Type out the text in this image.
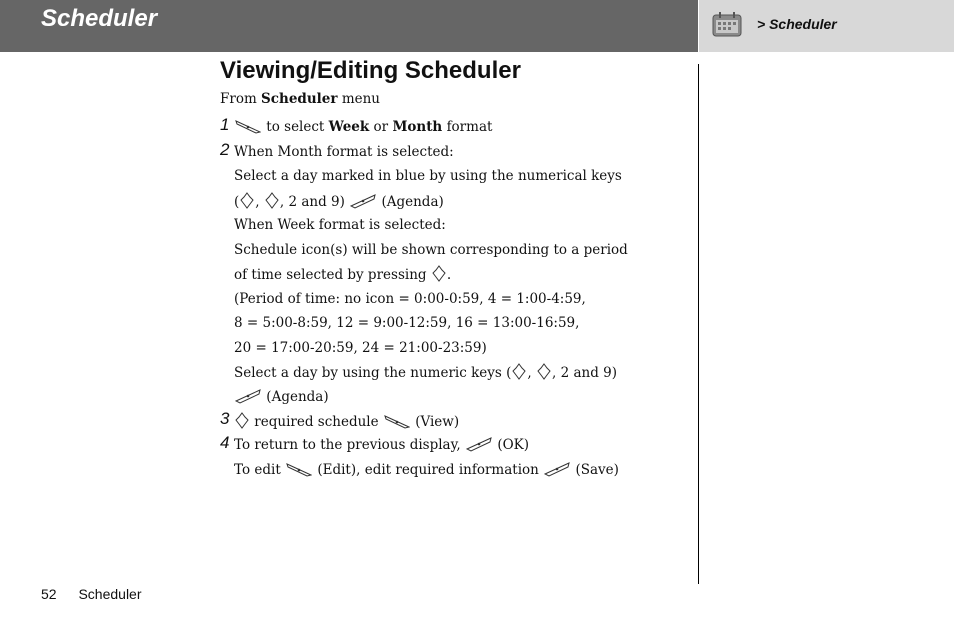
Scheduler	> Scheduler
Viewing/Editing Scheduler
From Scheduler menu
1	to select Week or Month format
2 When Month format is selected:
Select a day marked in blue by using the numerical keys
( , , 2 and 9)	(Agenda)
When Week format is selected:
Schedule icon(s) will be shown corresponding to a period
of time selected by pressing .
(Period of time: no icon = 0:00-0:59, 4 = 1:00-4:59,
8 = 5:00-8:59, 12 = 9:00-12:59, 16 = 13:00-16:59,
20 = 17:00-20:59, 24 = 21:00-23:59)
Select a day by using the numeric keys ( , , 2 and 9)
(Agenda)
3	required schedule	(View)
4 To return to the previous display,	(OK)
To edit	(Edit), edit required information	(Save)
52 Scheduler
